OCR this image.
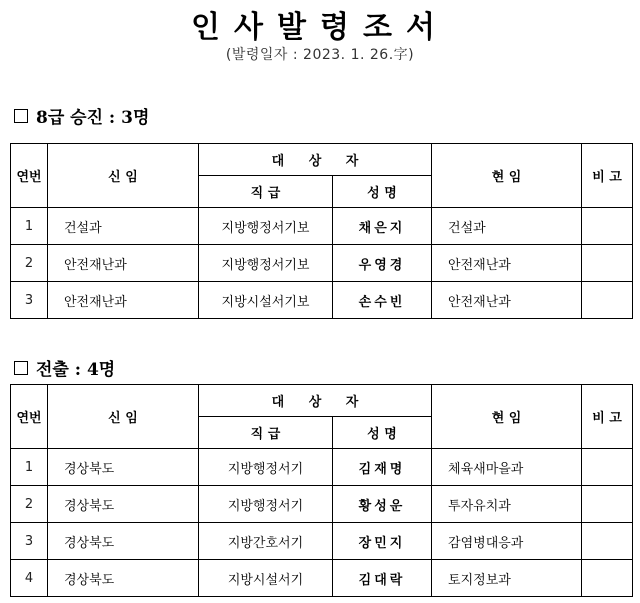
인사발령조서
(발령일자 : 2023. 1. 26.字)
8급 승진 : 3명
연번	신 임	대 상 자		현 임	비 고
		직 급	성 명		
1	건설과	지방행정서기보	채은지	건설과	
2	안전재난과	지방행정서기보	우영경	안전재난과	
3	안전재난과	지방시설서기보	손수빈	안전재난과	
전출 : 4명
연번	신 임	대 상 자		현 임	비 고
		직 급	성 명		
1	경상북도	지방행정서기	김재명	체육새마을과	
2	경상북도	지방행정서기	황성운	투자유치과	
3	경상북도	지방간호서기	장민지	감염병대응과	
4	경상북도	지방시설서기	김대락	토지정보과	
